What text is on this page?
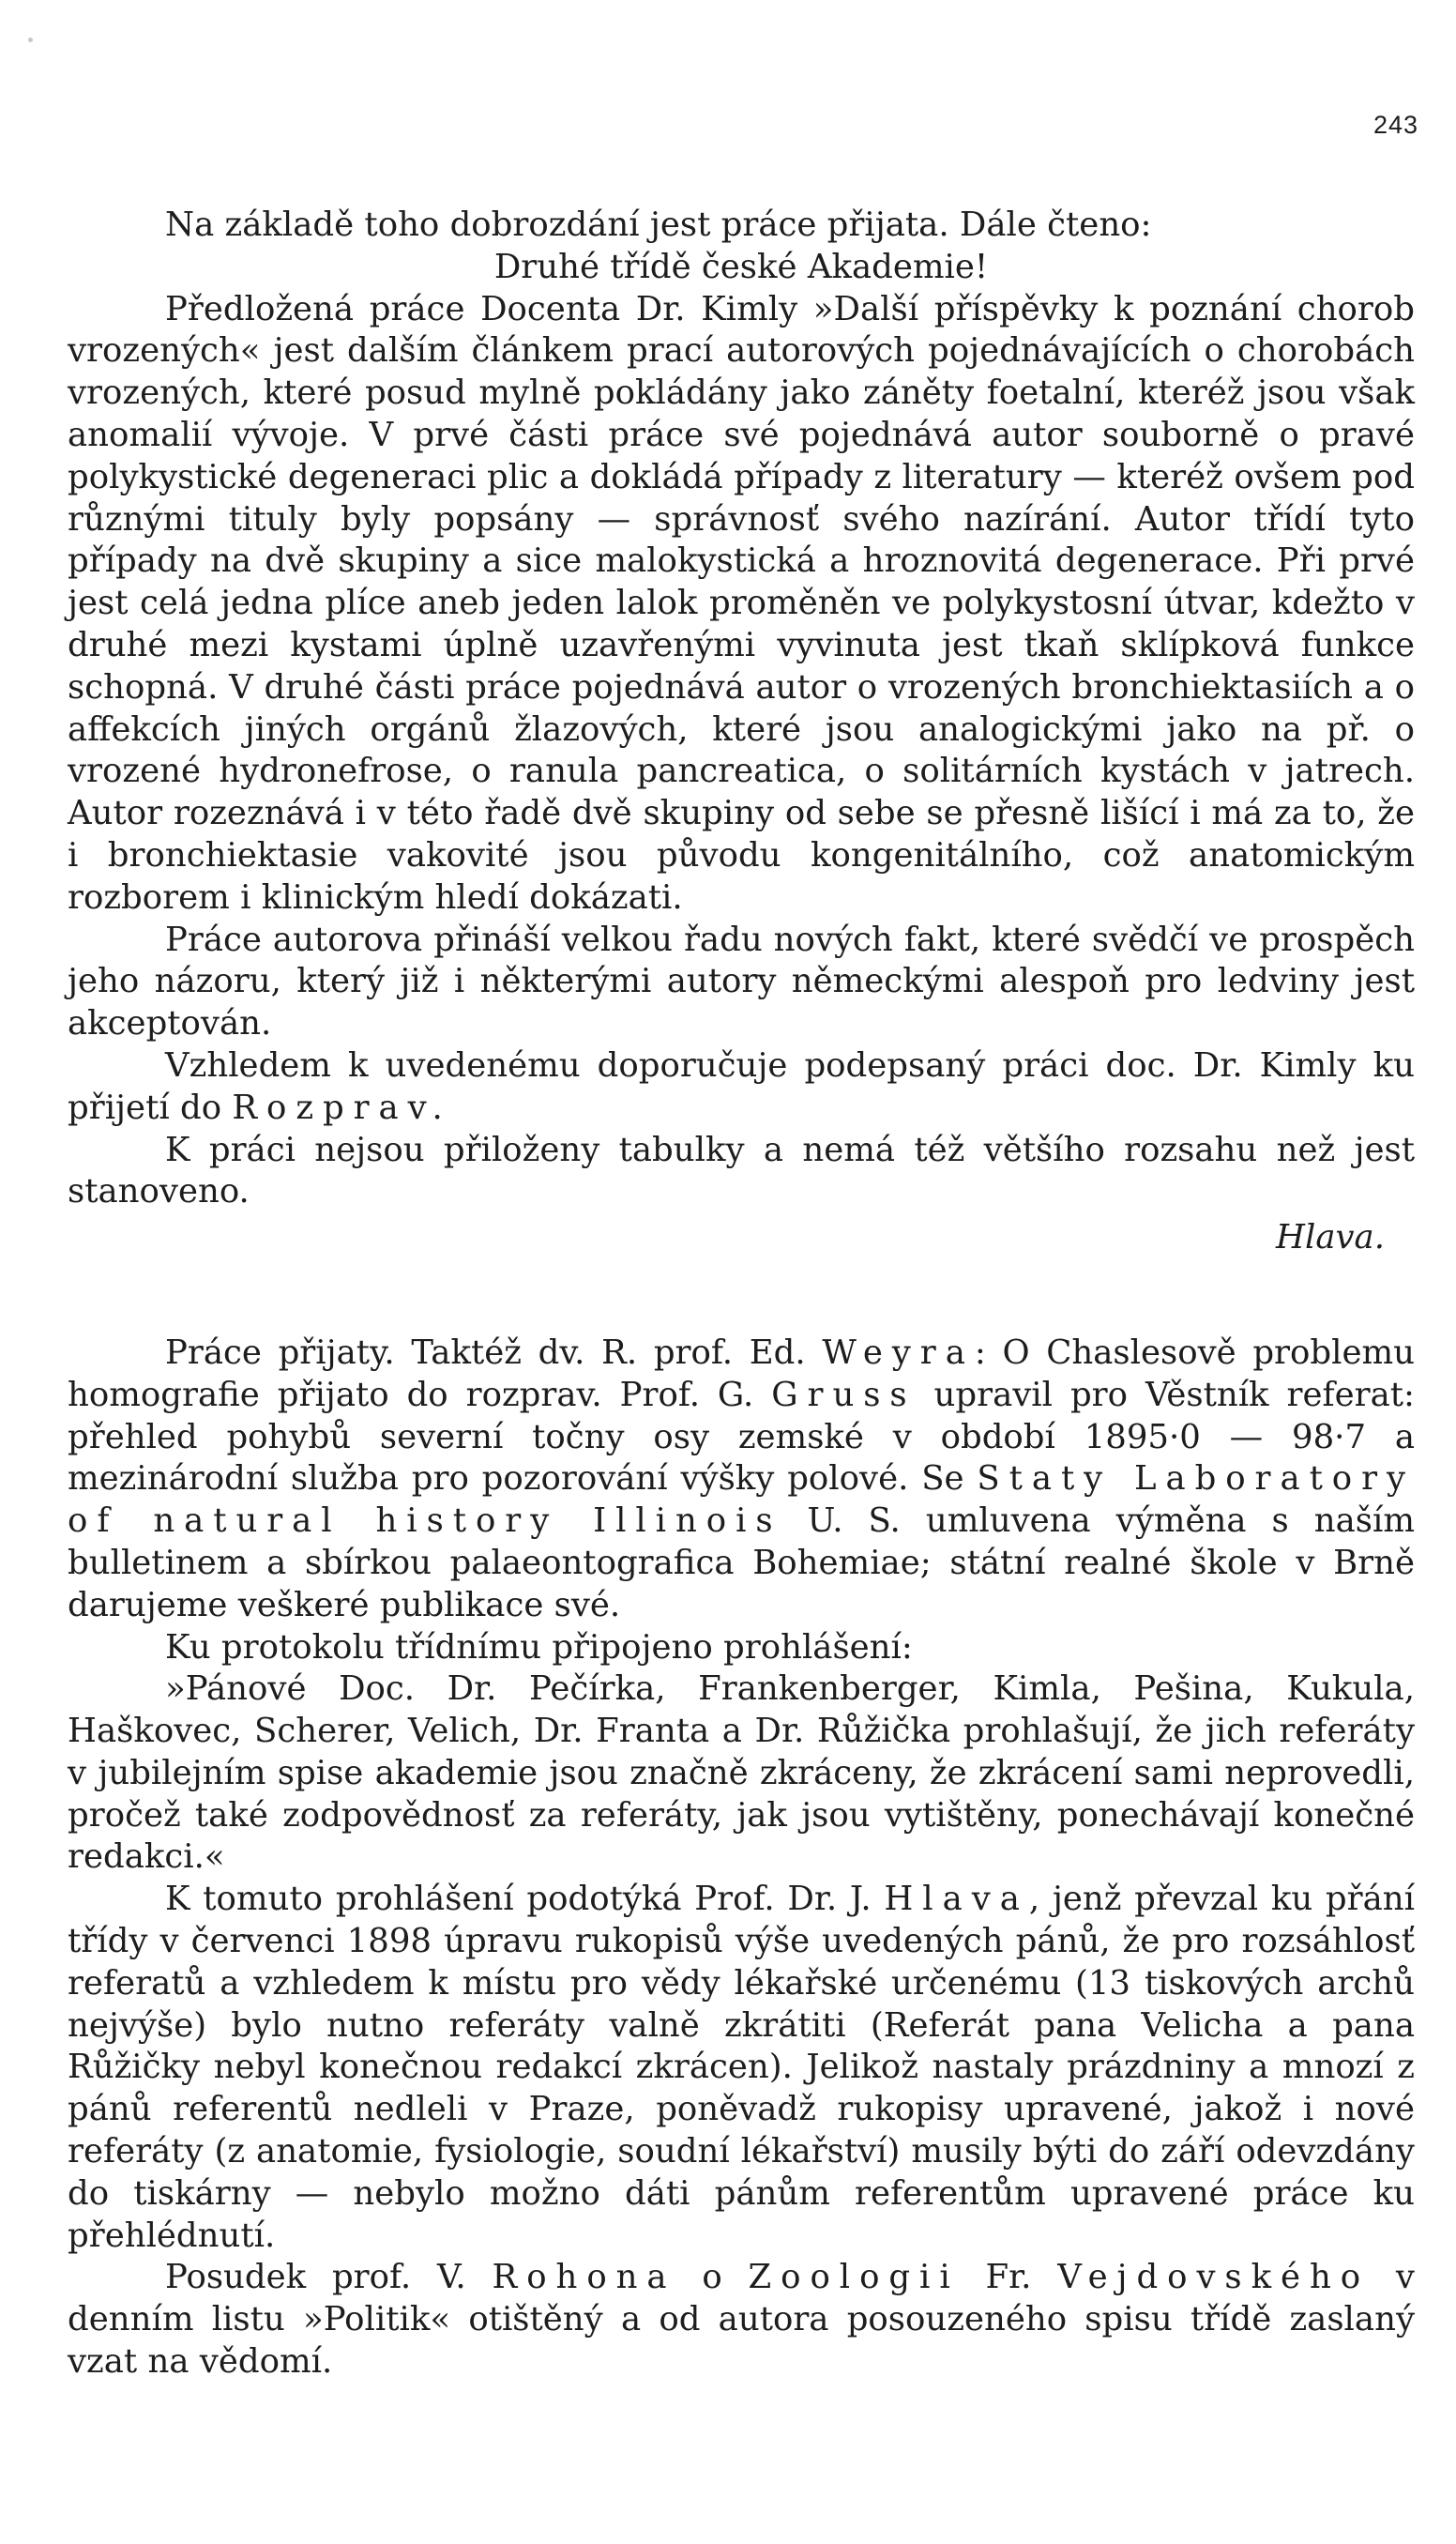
243

Na základě toho dobrozdání jest práce přijata. Dále čteno:

Druhé třídě české Akademie!

Předložená práce Docenta Dr. Kimly »Další příspěvky k poznání chorob vrozených« jest dalším článkem prací autorových pojednávajících o chorobách vrozených, které posud mylně pokládány jako záněty foetalní, kteréž jsou však anomalií vývoje. V prvé části práce své pojednává autor souborně o pravé polykystické degeneraci plic a dokládá případy z literatury — kteréž ovšem pod různými tituly byly popsány — správnosť svého nazírání. Autor třídí tyto případy na dvě skupiny a sice malokystická a hroznovitá degenerace. Při prvé jest celá jedna plíce aneb jeden lalok proměněn ve polykystosní útvar, kdežto v druhé mezi kystami úplně uzavřenými vyvinuta jest tkaň sklípková funkce schopná. V druhé části práce pojednává autor o vrozených bronchiektasiích a o affekcích jiných orgánů žlazových, které jsou analogickými jako na př. o vrozené hydronefrose, o ranula pancreatica, o solitárních kystách v jatrech. Autor rozeznává i v této řadě dvě skupiny od sebe se přesně lišící i má za to, že i bronchiektasie vakovité jsou původu kongenitálního, což anatomickým rozborem i klinickým hledí dokázati.

Práce autorova přináší velkou řadu nových fakt, které svědčí ve prospěch jeho názoru, který již i některými autory německými alespoň pro ledviny jest akceptován.

Vzhledem k uvedenému doporučuje podepsaný práci doc. Dr. Kimly ku přijetí do Rozprav.

K práci nejsou přiloženy tabulky a nemá též většího rozsahu než jest stanoveno.

Hlava.

Práce přijaty. Taktéž dv. R. prof. Ed. Weyra: O Chaslesově problemu homografie přijato do rozprav. Prof. G. Gruss upravil pro Věstník referat: přehled pohybů severní točny osy zemské v období 1895·0 — 98·7 a mezinárodní služba pro pozorování výšky polové. Se Staty Laboratory of natural history Illinois U. S. umluvena výměna s naším bulletinem a sbírkou palaeontografica Bohemiae; státní realné škole v Brně darujeme veškeré publikace své.

Ku protokolu třídnímu připojeno prohlášení:

»Pánové Doc. Dr. Pečírka, Frankenberger, Kimla, Pešina, Kukula, Haškovec, Scherer, Velich, Dr. Franta a Dr. Růžička prohlašují, že jich referáty v jubilejním spise akademie jsou značně zkráceny, že zkrácení sami neprovedli, pročež také zodpovědnosť za referáty, jak jsou vytištěny, ponechávají konečné redakci.«

K tomuto prohlášení podotýká Prof. Dr. J. Hlava, jenž převzal ku přání třídy v červenci 1898 úpravu rukopisů výše uvedených pánů, že pro rozsáhlosť referatů a vzhledem k místu pro vědy lékařské určenému (13 tiskových archů nejvýše) bylo nutno referáty valně zkrátiti (Referát pana Velicha a pana Růžičky nebyl konečnou redakcí zkrácen). Jelikož nastaly prázdniny a mnozí z pánů referentů nedleli v Praze, poněvadž rukopisy upravené, jakož i nové referáty (z anatomie, fysiologie, soudní lékařství) musily býti do září odevzdány do tiskárny — nebylo možno dáti pánům referentům upravené práce ku přehlédnutí.

Posudek prof. V. Rohona o Zoologii Fr. Vejdovského v denním listu »Politik« otištěný a od autora posouzeného spisu třídě zaslaný vzat na vědomí.
